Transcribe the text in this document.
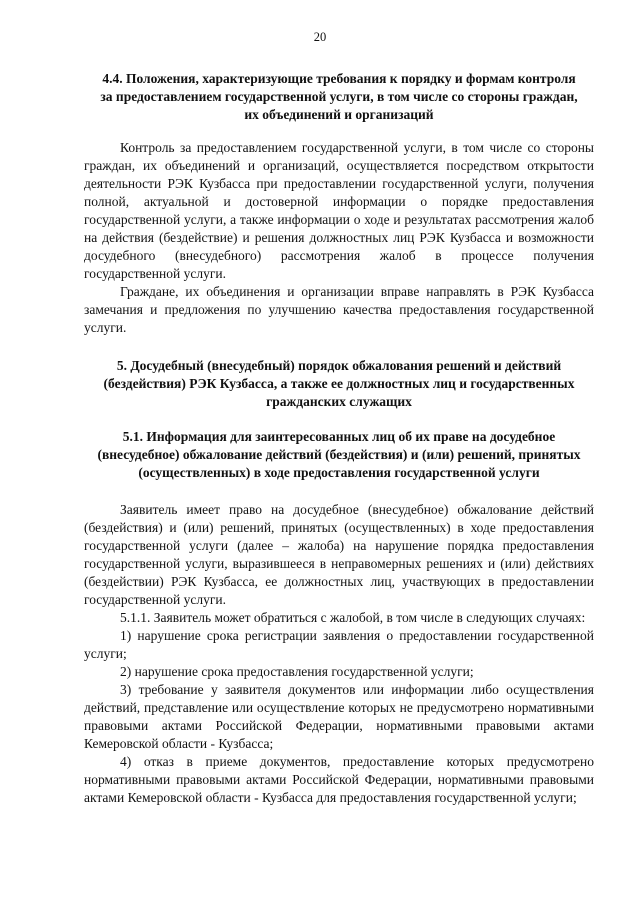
20

4.4. Положения, характеризующие требования к порядку и формам контроля за предоставлением государственной услуги, в том числе со стороны граждан, их объединений и организаций

Контроль за предоставлением государственной услуги, в том числе со стороны граждан, их объединений и организаций, осуществляется посредством открытости деятельности РЭК Кузбасса при предоставлении государственной услуги, получения полной, актуальной и достоверной информации о порядке предоставления государственной услуги, а также информации о ходе и результатах рассмотрения жалоб на действия (бездействие) и решения должностных лиц РЭК Кузбасса и возможности досудебного (внесудебного) рассмотрения жалоб в процессе получения государственной услуги.

Граждане, их объединения и организации вправе направлять в РЭК Кузбасса замечания и предложения по улучшению качества предоставления государственной услуги.

5. Досудебный (внесудебный) порядок обжалования решений и действий (бездействия) РЭК Кузбасса, а также ее должностных лиц и государственных гражданских служащих

5.1. Информация для заинтересованных лиц об их праве на досудебное (внесудебное) обжалование действий (бездействия) и (или) решений, принятых (осуществленных) в ходе предоставления государственной услуги

Заявитель имеет право на досудебное (внесудебное) обжалование действий (бездействия) и (или) решений, принятых (осуществленных) в ходе предоставления государственной услуги (далее – жалоба) на нарушение порядка предоставления государственной услуги, выразившееся в неправомерных решениях и (или) действиях (бездействии) РЭК Кузбасса, ее должностных лиц, участвующих в предоставлении государственной услуги.

5.1.1. Заявитель может обратиться с жалобой, в том числе в следующих случаях:

1) нарушение срока регистрации заявления о предоставлении государственной услуги;

2) нарушение срока предоставления государственной услуги;

3) требование у заявителя документов или информации либо осуществления действий, представление или осуществление которых не предусмотрено нормативными правовыми актами Российской Федерации, нормативными правовыми актами Кемеровской области - Кузбасса;

4) отказ в приеме документов, предоставление которых предусмотрено нормативными правовыми актами Российской Федерации, нормативными правовыми актами Кемеровской области - Кузбасса для предоставления государственной услуги;
